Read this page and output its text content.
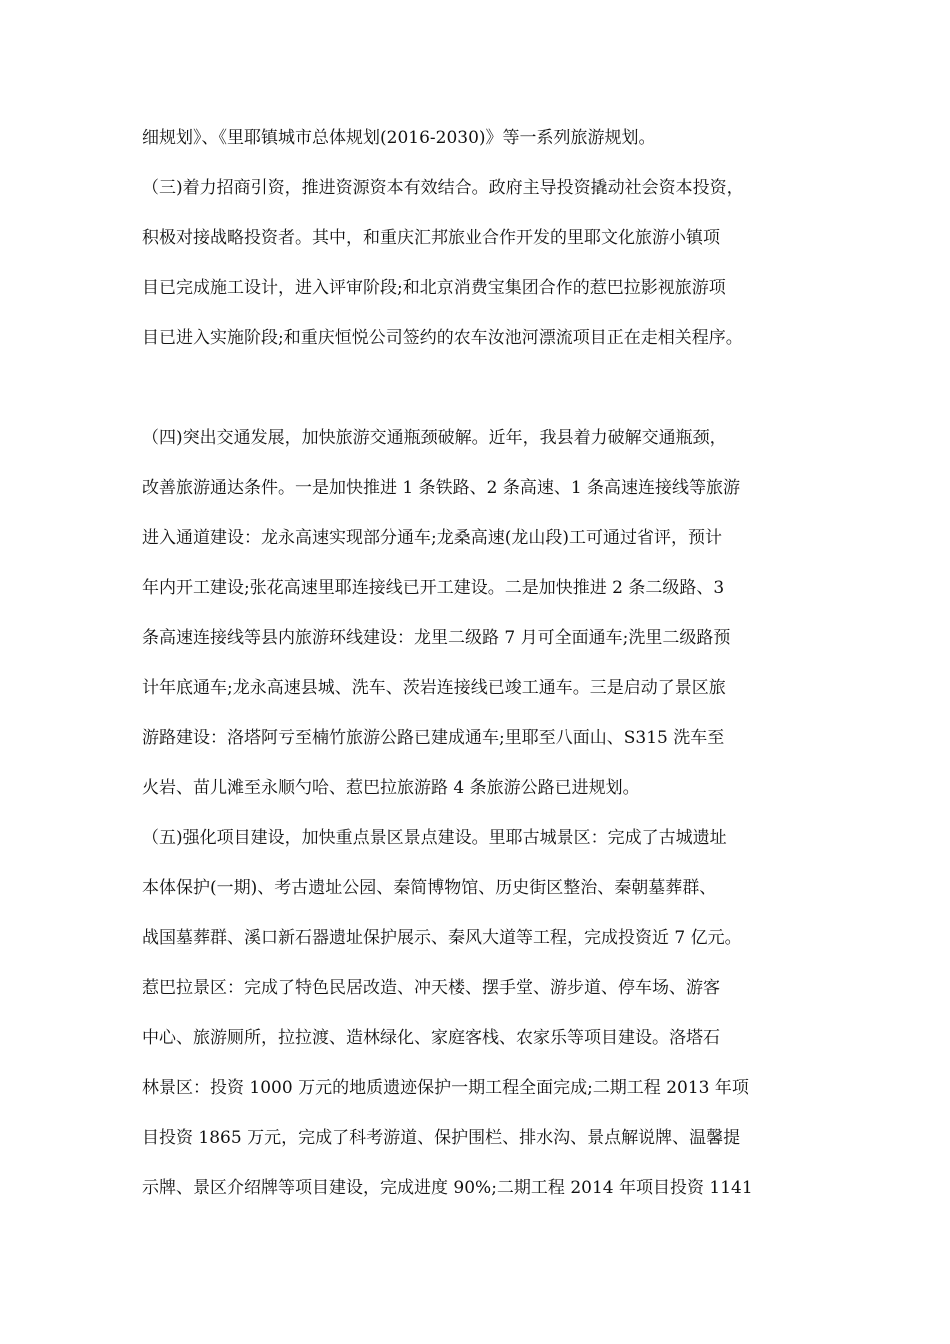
细规划》、《里耶镇城市总体规划(2016-2030)》等一系列旅游规划。
（三)着力招商引资，推进资源资本有效结合。政府主导投资撬动社会资本投资，
积极对接战略投资者。其中，和重庆汇邦旅业合作开发的里耶文化旅游小镇项
目已完成施工设计，进入评审阶段;和北京消费宝集团合作的惹巴拉影视旅游项
目已进入实施阶段;和重庆恒悦公司签约的农车汝池河漂流项目正在走相关程序。
（四)突出交通发展，加快旅游交通瓶颈破解。近年，我县着力破解交通瓶颈，
改善旅游通达条件。一是加快推进 1 条铁路、2 条高速、1 条高速连接线等旅游
进入通道建设：龙永高速实现部分通车;龙桑高速(龙山段)工可通过省评，预计
年内开工建设;张花高速里耶连接线已开工建设。二是加快推进 2 条二级路、3
条高速连接线等县内旅游环线建设：龙里二级路 7 月可全面通车;洗里二级路预
计年底通车;龙永高速县城、洗车、茨岩连接线已竣工通车。三是启动了景区旅
游路建设：洛塔阿亏至楠竹旅游公路已建成通车;里耶至八面山、S315 洗车至
火岩、苗儿滩至永顺勺哈、惹巴拉旅游路 4 条旅游公路已进规划。
（五)强化项目建设，加快重点景区景点建设。里耶古城景区：完成了古城遗址
本体保护(一期)、考古遗址公园、秦简博物馆、历史街区整治、秦朝墓葬群、
战国墓葬群、溪口新石器遗址保护展示、秦风大道等工程，完成投资近 7 亿元。
惹巴拉景区：完成了特色民居改造、冲天楼、摆手堂、游步道、停车场、游客
中心、旅游厕所，拉拉渡、造林绿化、家庭客栈、农家乐等项目建设。洛塔石
林景区：投资 1000 万元的地质遗迹保护一期工程全面完成;二期工程 2013 年项
目投资 1865 万元，完成了科考游道、保护围栏、排水沟、景点解说牌、温馨提
示牌、景区介绍牌等项目建设，完成进度 90%;二期工程 2014 年项目投资 1141
